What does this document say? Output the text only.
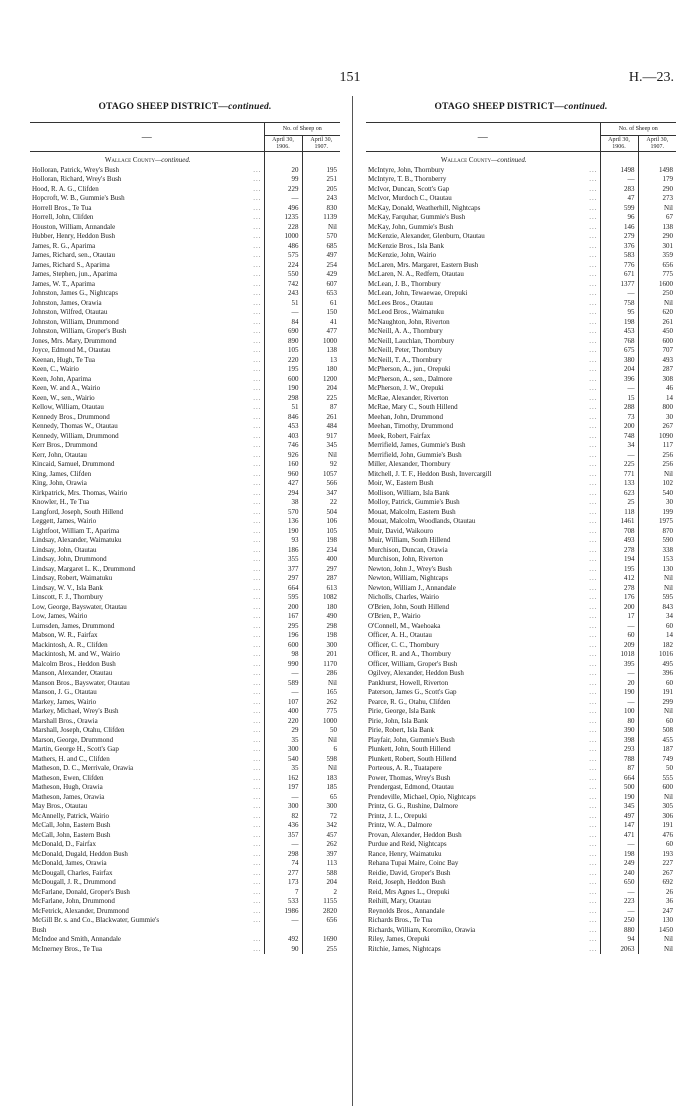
151	H.—23.
OTAGO SHEEP DISTRICT—continued.
—	No. of Sheep on	
	April 30,
1906.	April 30,
1907.

Wallace County—continued.		

...
Holloran, Patrick, Wrey's Bush	20	195

...
Holloran, Richard, Wrey's Bush	99	251

...
Hood, R. A. G., Clifden	229	205

...
Hopcroft, W. B., Gummie's Bush	—	243

...
Horrell Bros., Te Tua	496	830

...
Horrell, John, Clifden	1235	1139

...
Houston, William, Annandale	228	Nil

...
Hubber, Henry, Heddon Bush	1000	570

...
James, R. G., Aparima	486	685

...
James, Richard, sen., Otautau	575	497

...
James, Richard S., Aparima	224	254

...
James, Stephen, jun., Aparima	550	429

...
James, W. T., Aparima	742	607

...
Johnston, James G., Nightcaps	243	653

...
Johnston, James, Orawia	51	61

...
Johnston, Wilfred, Otautau	—	150

...
Johnston, William, Drummond	84	41

...
Johnston, William, Groper's Bush	690	477

...
Jones, Mrs. Mary, Drummond	890	1000

...
Joyce, Edmond M., Otautau	105	138

...
Keenan, Hugh, Te Tua	220	13

...
Keen, C., Wairio	195	180

...
Keen, John, Aparima	600	1200

...
Keen, W. and A., Wairio	190	204

...
Keen, W., sen., Wairio	298	225

...
Kellow, William, Otautau	51	87

...
Kennedy Bros., Drummond	846	261

...
Kennedy, Thomas W., Otautau	453	484

...
Kennedy, William, Drummond	403	917

...
Kerr Bros., Drummond	746	345

...
Kerr, John, Otautau	926	Nil

...
Kincaid, Samuel, Drummond	160	92

...
King, James, Clifden	960	1057

...
King, John, Orawia	427	566

...
Kirkpatrick, Mrs. Thomas, Wairio	294	347

...
Knowler, H., Te Tua	38	22

...
Langford, Joseph, South Hillend	570	504

...
Leggett, James, Wairio	136	106

...
Lightfoot, William T., Aparima	190	105

...
Lindsay, Alexander, Waimatuku	93	198

...
Lindsay, John, Otautau	186	234

...
Lindsay, John, Drummond	355	400

...
Lindsay, Margaret L. K., Drummond	377	297

...
Lindsay, Robert, Waimatuku	297	287

...
Lindsay, W. V., Isla Bank	664	613

...
Linscott, F. J., Thornbury	595	1082

...
Low, George, Bayswater, Otautau	200	180

...
Low, James, Wairio	167	490

...
Lumsden, James, Drummond	295	298

...
Mabson, W. R., Fairfax	196	198

...
Mackintosh, A. R., Clifden	600	300

...
Mackintosh, M. and W., Wairio	98	201

...
Malcolm Bros., Heddon Bush	990	1170

...
Manson, Alexander, Otautau	—	286

...
Manson Bros., Bayswater, Otautau	589	Nil

...
Manson, J. G., Otautau	—	165

...
Markey, James, Wairio	107	262

...
Markey, Michael, Wrey's Bush	400	775

...
Marshall Bros., Orawia	220	1000

...
Marshall, Joseph, Otahu, Clifden	29	50

...
Marson, George, Drummond	35	Nil

...
Martin, George H., Scott's Gap	300	6

...
Mathers, H. and C., Clifden	540	598

...
Matheson, D. C., Merrivale, Orawia	35	Nil

...
Matheson, Ewen, Clifden	162	183

...
Matheson, Hugh, Orawia	197	185

...
Matheson, James, Orawia	—	65

...
May Bros., Otautau	300	300

...
McAnnelly, Patrick, Wairio	82	72

...
McCall, John, Eastern Bush	436	342

...
McCall, John, Eastern Bush	357	457

...
McDonald, D., Fairfax	—	262

...
McDonald, Dugald, Heddon Bush	298	397

...
McDonald, James, Orawia	74	113

...
McDougall, Charles, Fairfax	277	588

...
McDougall, J. R., Drummond	173	204

...
McFarlane, Donald, Groper's Bush	7	2

...
McFarlane, John, Drummond	533	1155

...
McFetrick, Alexander, Drummond	1986	2820

...
McGill Br. s. and Co., Blackwater, Gummie's	—	656

Bush		

...
McIndoe and Smith, Annandale	492	1690

...
McInerney Bros., Te Tua	90	255
OTAGO SHEEP DISTRICT—continued.
—	No. of Sheep on	
	April 30,
1906.	April 30,
1907.

Wallace County—continued.		

...
McIntyre, John, Thornbury	1498	1498

...
McIntyre, T. B., Thornberry	—	179

...
McIvor, Duncan, Scott's Gap	283	290

...
McIvor, Murdoch C., Otautau	47	273

...
McKay, Donald, Weatherhill, Nightcaps	599	Nil

...
McKay, Farquhar, Gummie's Bush	96	67

...
McKay, John, Gummie's Bush	146	138

...
McKenzie, Alexander, Glenburn, Otautau	279	290

...
McKenzie Bros., Isla Bank	376	301

...
McKenzie, John, Wairio	583	359

...
McLaren, Mrs. Margaret, Eastern Bush	776	656

...
McLaren, N. A., Redfern, Otautau	671	775

...
McLean, J. B., Thornbury	1377	1600

...
McLean, John, Tewaewae, Orepuki	—	250

...
McLees Bros., Otautau	758	Nil

...
McLeod Bros., Waimatuku	95	620

...
McNaughton, John, Riverton	198	261

...
McNeill, A. A., Thornbury	453	450

...
McNeill, Lauchlan, Thornbury	768	600

...
McNeill, Peter, Thornbury	675	707

...
McNeill, T. A., Thornbury	380	493

...
McPherson, A., jun., Orepuki	204	287

...
McPherson, A., sen., Dalmore	396	308

...
McPherson, J. W., Orepuki	—	46

...
McRae, Alexander, Riverton	15	14

...
McRae, Mary C., South Hillend	288	800

...
Meehan, John, Drummond	73	30

...
Meehan, Timothy, Drummond	200	267

...
Meek, Robert, Fairfax	748	1090

...
Merrifield, James, Gummie's Bush	34	117

...
Merrifield, John, Gummie's Bush	—	256

...
Miller, Alexander, Thornbury	225	256

...
Mitchell, J. T. F., Heddon Bush, Invercargill	771	Nil

...
Moir, W., Eastern Bush	133	102

...
Mollison, William, Isla Bank	623	540

...
Molloy, Patrick, Gummie's Bush	25	30

...
Mouat, Malcolm, Eastern Bush	118	199

...
Mouat, Malcolm, Woodlands, Otautau	1461	1975

...
Muir, David, Waikouro	708	870

...
Muir, William, South Hillend	493	590

...
Murchison, Duncan, Orawia	278	338

...
Murchison, John, Riverton	194	153

...
Newton, John J., Wrey's Bush	195	130

...
Newton, William, Nightcaps	412	Nil

...
Newton, William J., Annandale	278	Nil

...
Nicholls, Charles, Wairio	176	595

...
O'Brien, John, South Hillend	200	843

...
O'Brien, P., Wairio	17	34

...
O'Connell, M., Waehoaka	—	60

...
Officer, A. H., Otautau	60	14

...
Officer, C. C., Thornbury	209	182

...
Officer, R. and A., Thornbury	1018	1016

...
Officer, William, Groper's Bush	395	495

...
Ogilvey, Alexander, Heddon Bush	—	396

...
Pankhurst, Howell, Riverton	20	60

...
Paterson, James G., Scott's Gap	190	191

...
Pearce, R. G., Otahu, Clifden	—	299

...
Pirie, George, Isla Bank	100	Nil

...
Pirie, John, Isla Bank	80	60

...
Pirie, Robert, Isla Bank	390	508

...
Playfair, John, Gummie's Bush	398	455

...
Plunkett, John, South Hillend	293	187

...
Plunkett, Robert, South Hillend	788	749

...
Porteous, A. R., Tuatapere	87	50

...
Power, Thomas, Wrey's Bush	664	555

...
Prendergast, Edmond, Otautau	500	600

...
Prendeville, Michael, Opio, Nightcaps	190	Nil

...
Printz, G. G., Rushine, Dalmore	345	305

...
Printz, J. L., Orepuki	497	306

...
Printz, W. A., Dalmore	147	191

...
Provan, Alexander, Heddon Bush	471	476

...
Purdue and Reid, Nightcaps	—	60

...
Rance, Henry, Waimatuku	198	193

...
Rehana Tupai Maire, Coinc Bay	249	227

...
Reidie, David, Groper's Bush	240	267

...
Reid, Joseph, Heddon Bush	650	692

...
Reid, Mrs Agnes L., Orepuki	—	26

...
Reihill, Mary, Otautau	223	36

...
Reynolds Bros., Annandale	—	247

...
Richards Bros., Te Tua	250	130

...
Richards, William, Koromiko, Orawia	880	1450

...
Riley, James, Orepuki	94	Nil

...
Ritchie, James, Nightcaps	2063	Nil
